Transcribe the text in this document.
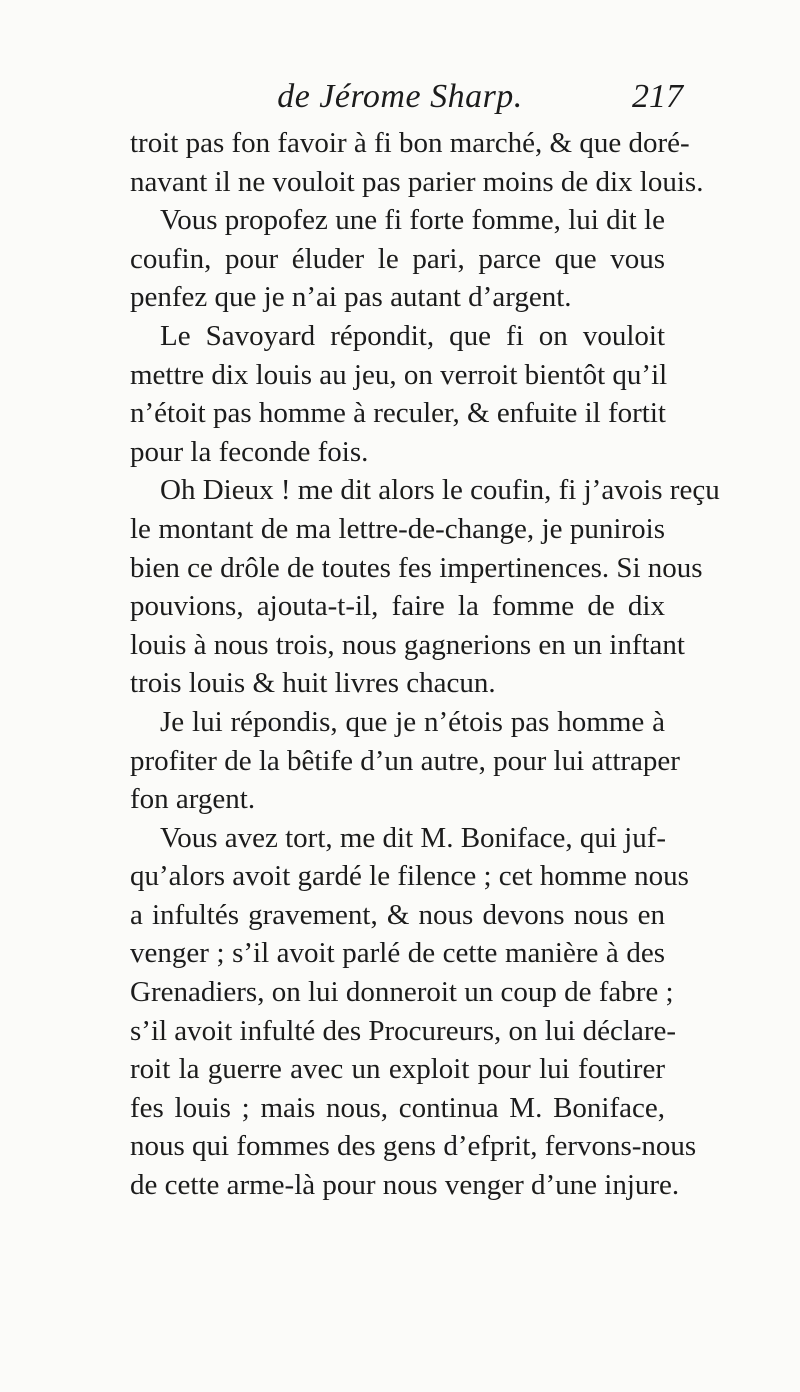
de Jérome Sharp.	217
troit pas fon favoir à fi bon marché, & que doré-
navant il ne vouloit pas parier moins de dix louis.
Vous propofez une fi forte fomme, lui dit le
coufin, pour éluder le pari, parce que vous
penfez que je n’ai pas autant d’argent.
Le Savoyard répondit, que fi on vouloit
mettre dix louis au jeu, on verroit bientôt qu’il
n’étoit pas homme à reculer, & enfuite il fortit
pour la feconde fois.
Oh Dieux ! me dit alors le coufin, fi j’avois reçu
le montant de ma lettre-de-change, je punirois
bien ce drôle de toutes fes impertinences. Si nous
pouvions, ajouta-t-il, faire la fomme de dix
louis à nous trois, nous gagnerions en un inftant
trois louis & huit livres chacun.
Je lui répondis, que je n’étois pas homme à
profiter de la bêtife d’un autre, pour lui attraper
fon argent.
Vous avez tort, me dit M. Boniface, qui juf-
qu’alors avoit gardé le filence ; cet homme nous
a infultés gravement, & nous devons nous en
venger ; s’il avoit parlé de cette manière à des
Grenadiers, on lui donneroit un coup de fabre ;
s’il avoit infulté des Procureurs, on lui déclare-
roit la guerre avec un exploit pour lui foutirer
fes louis ; mais nous, continua M. Boniface,
nous qui fommes des gens d’efprit, fervons-nous
de cette arme-là pour nous venger d’une injure.
